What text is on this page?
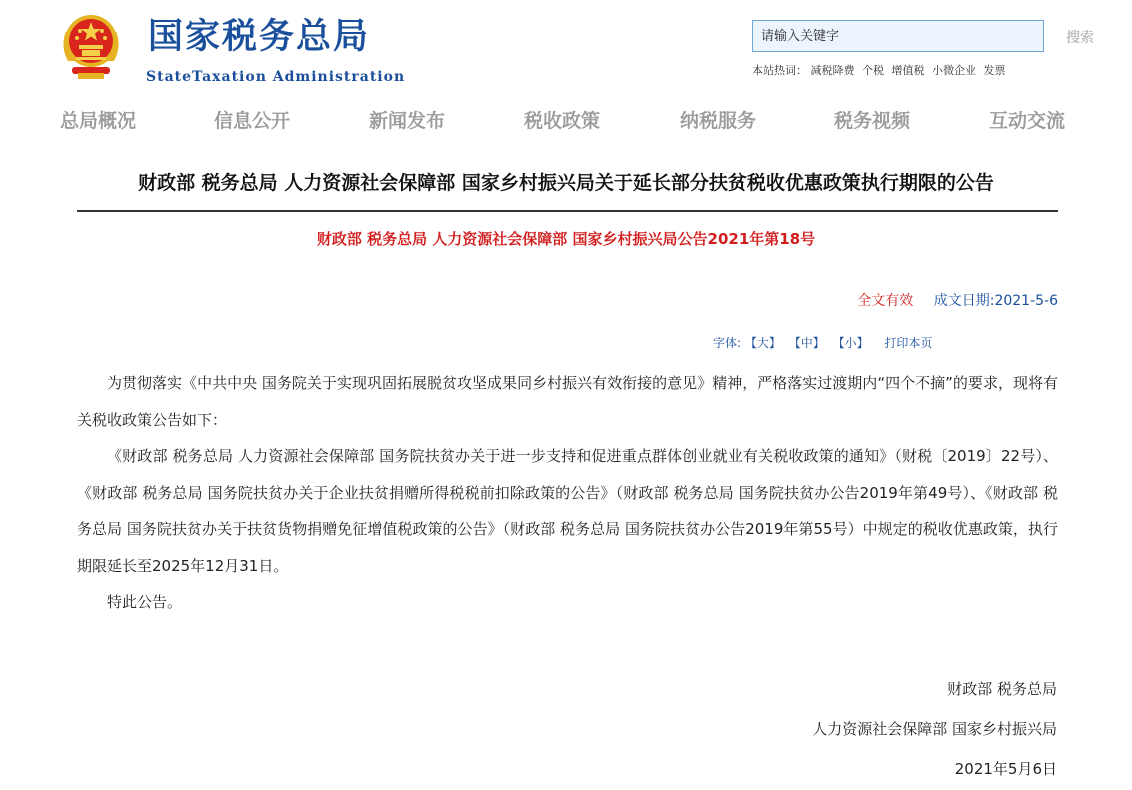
国家税务总局
StateTaxation Administration
请输入关键字
搜索
本站热词： 减税降费 个税 增值税 小微企业 发票
总局概况	信息公开	新闻发布	税收政策	纳税服务	税务视频	互动交流
财政部 税务总局 人力资源社会保障部 国家乡村振兴局关于延长部分扶贫税收优惠政策执行期限的公告
财政部 税务总局 人力资源社会保障部 国家乡村振兴局公告2021年第18号
全文有效 成文日期:2021-5-6
字体: 【大】 【中】 【小】 打印本页

为贯彻落实《中共中央 国务院关于实现巩固拓展脱贫攻坚成果同乡村振兴有效衔接的意见》精神，严格落实过渡期内“四个不摘”的要求，现将有关税收政策公告如下：

《财政部 税务总局 人力资源社会保障部 国务院扶贫办关于进一步支持和促进重点群体创业就业有关税收政策的通知》（财税〔2019〕22号）、《财政部 税务总局 国务院扶贫办关于企业扶贫捐赠所得税税前扣除政策的公告》（财政部 税务总局 国务院扶贫办公告2019年第49号）、《财政部 税务总局 国务院扶贫办关于扶贫货物捐赠免征增值税政策的公告》（财政部 税务总局 国务院扶贫办公告2019年第55号）中规定的税收优惠政策，执行期限延长至2025年12月31日。

特此公告。

财政部 税务总局
人力资源社会保障部 国家乡村振兴局
2021年5月6日
